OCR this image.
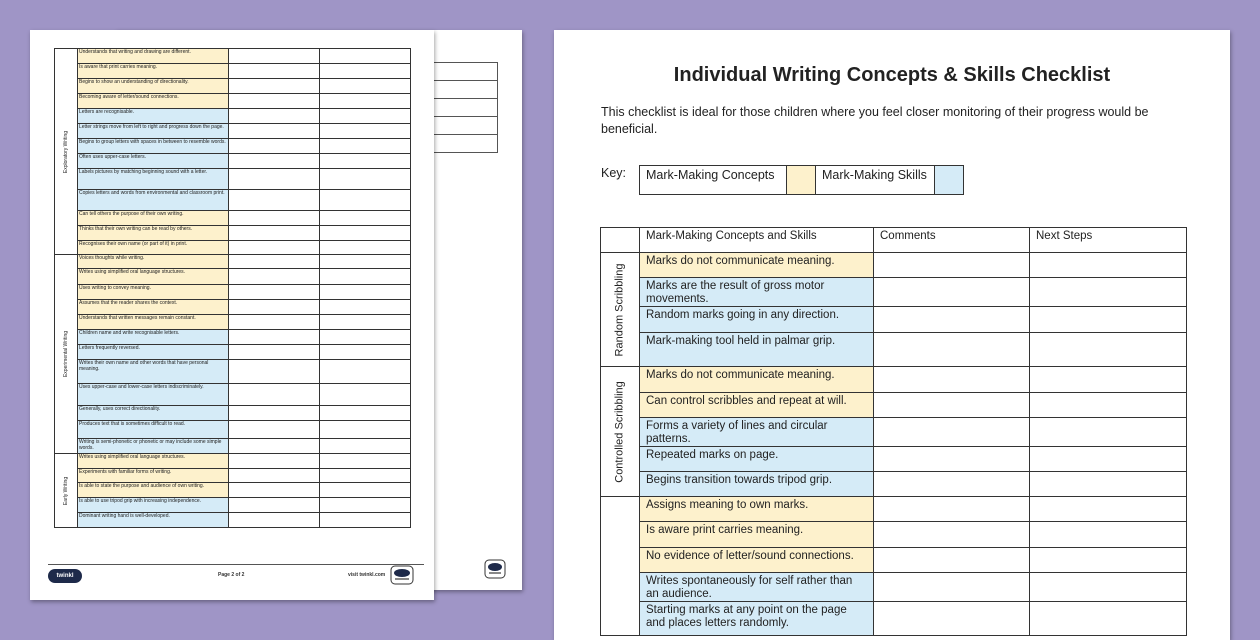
Exploratory Writing	Understands that writing and drawing are different.		
	Is aware that print carries meaning.		
	Begins to show an understanding of directionality.		
	Becoming aware of letter/sound connections.		
	Letters are recognisable.		
	Letter strings move from left to right and progress down the page.		
	Begins to group letters with spaces in between to resemble words.		
	Often uses upper-case letters.		
	Labels pictures by matching beginning sound with a letter.		
	Copies letters and words from environmental and classroom print.		
	Can tell others the purpose of their own writing.		
	Thinks that their own writing can be read by others.		
	Recognises their own name (or part of it) in print.		

Experimental Writing	Voices thoughts while writing.		
	Writes using simplified oral language structures.		
	Uses writing to convey meaning.		
	Assumes that the reader shares the context.		
	Understands that written messages remain constant.		
	Children name and write recognisable letters.		
	Letters frequently reversed.		
	Writes their own name and other words that have personal meaning.		
	Uses upper-case and lower-case letters indiscriminately.		
	Generally, uses correct directionality.		
	Produces text that is sometimes difficult to read.		
	Writing is semi-phonetic or phonetic or may include some simple words.		

Early Writing	Writes using simplified oral language structures.		
	Experiments with familiar forms of writing.		
	Is able to state the purpose and audience of own writing.		
	Is able to use tripod grip with increasing independence.		
	Dominant writing hand is well-developed.		
twinkl	Page 2 of 2	visit twinkl.com
Individual Writing Concepts & Skills Checklist

This checklist is ideal for those children where you feel closer monitoring of their progress would be beneficial.

Key: Mark-Making Concepts		Mark-Making Skills	
	Mark-Making Concepts and Skills	Comments	Next Steps

Random Scribbling	Marks do not communicate meaning.		
	Marks are the result of gross motor movements.		
	Random marks going in any direction.		
	Mark-making tool held in palmar grip.		

Controlled Scribbling	Marks do not communicate meaning.		
	Can control scribbles and repeat at will.		
	Forms a variety of lines and circular patterns.		
	Repeated marks on page.		
	Begins transition towards tripod grip.		

	Assigns meaning to own marks.		
	Is aware print carries meaning.		
	No evidence of letter/sound connections.		
	Writes spontaneously for self rather than an audience.		
	Starting marks at any point on the page and places letters randomly.		
